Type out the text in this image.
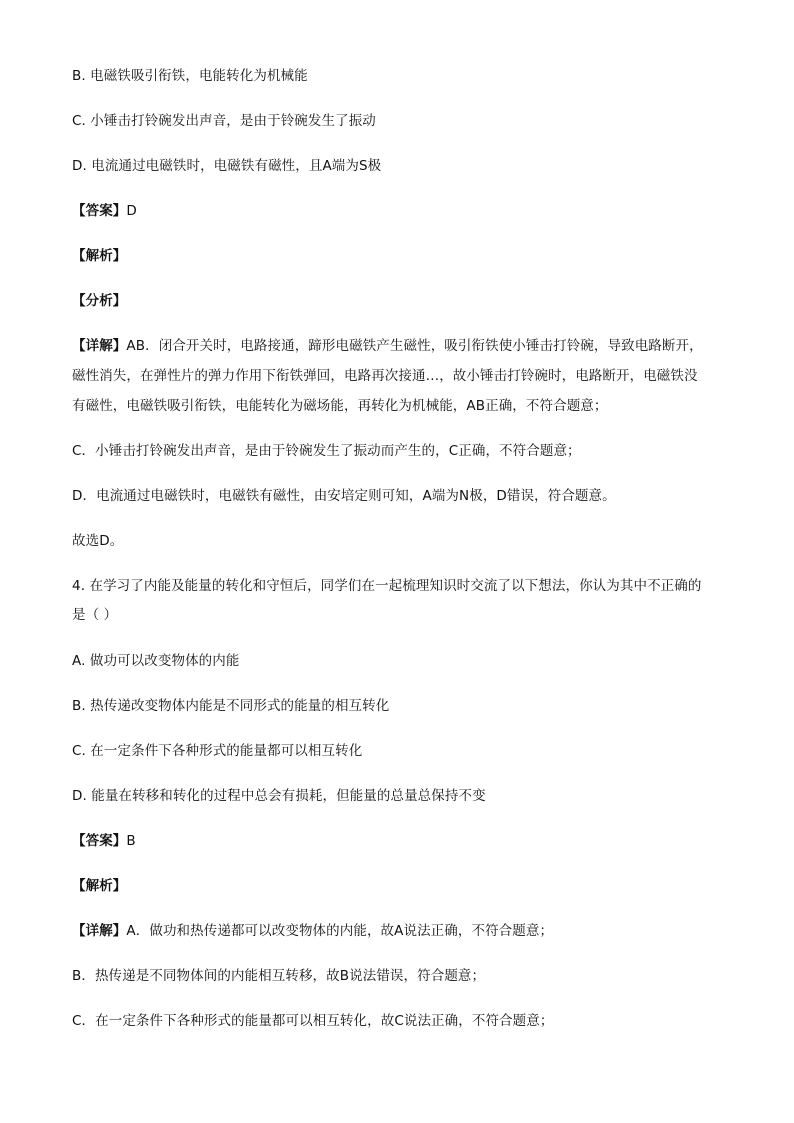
B. 电磁铁吸引衔铁，电能转化为机械能
C. 小锤击打铃碗发出声音，是由于铃碗发生了振动
D. 电流通过电磁铁时，电磁铁有磁性，且A端为S极
【答案】D
【解析】
【分析】
【详解】AB．闭合开关时，电路接通，蹄形电磁铁产生磁性，吸引衔铁使小锤击打铃碗，导致电路断开，
磁性消失，在弹性片的弹力作用下衔铁弹回，电路再次接通…，故小锤击打铃碗时，电路断开，电磁铁没
有磁性，电磁铁吸引衔铁，电能转化为磁场能，再转化为机械能，AB正确，不符合题意；
C．小锤击打铃碗发出声音，是由于铃碗发生了振动而产生的，C正确，不符合题意；
D．电流通过电磁铁时，电磁铁有磁性，由安培定则可知，A端为N极，D错误，符合题意。
故选D。
4. 在学习了内能及能量的转化和守恒后，同学们在一起梳理知识时交流了以下想法，你认为其中不正确的
是（ ）
A. 做功可以改变物体的内能
B. 热传递改变物体内能是不同形式的能量的相互转化
C. 在一定条件下各种形式的能量都可以相互转化
D. 能量在转移和转化的过程中总会有损耗，但能量的总量总保持不变
【答案】B
【解析】
【详解】A．做功和热传递都可以改变物体的内能，故A说法正确，不符合题意；
B．热传递是不同物体间的内能相互转移，故B说法错误，符合题意；
C．在一定条件下各种形式的能量都可以相互转化，故C说法正确，不符合题意；
